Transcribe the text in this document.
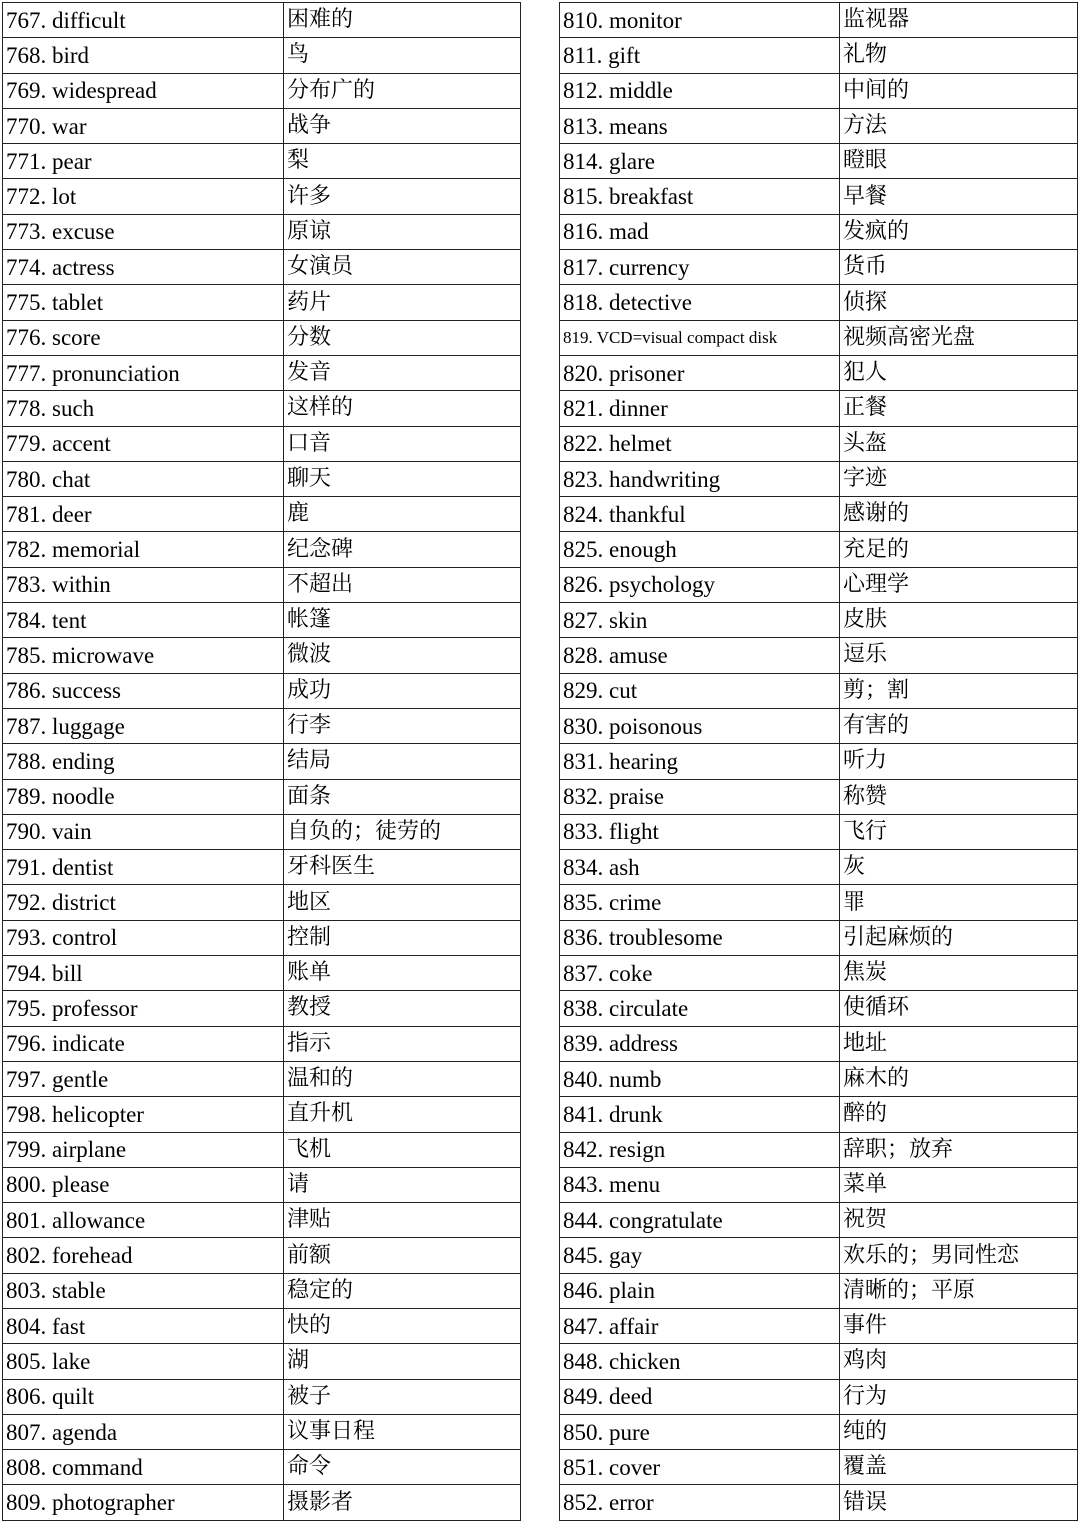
767. difficult	困难的
768. bird	鸟
769. widespread	分布广的
770. war	战争
771. pear	梨
772. lot	许多
773. excuse	原谅
774. actress	女演员
775. tablet	药片
776. score	分数
777. pronunciation	发音
778. such	这样的
779. accent	口音
780. chat	聊天
781. deer	鹿
782. memorial	纪念碑
783. within	不超出
784. tent	帐篷
785. microwave	微波
786. success	成功
787. luggage	行李
788. ending	结局
789. noodle	面条
790. vain	自负的；徒劳的
791. dentist	牙科医生
792. district	地区
793. control	控制
794. bill	账单
795. professor	教授
796. indicate	指示
797. gentle	温和的
798. helicopter	直升机
799. airplane	飞机
800. please	请
801. allowance	津贴
802. forehead	前额
803. stable	稳定的
804. fast	快的
805. lake	湖
806. quilt	被子
807. agenda	议事日程
808. command	命令
809. photographer	摄影者
810. monitor	监视器
811. gift	礼物
812. middle	中间的
813. means	方法
814. glare	瞪眼
815. breakfast	早餐
816. mad	发疯的
817. currency	货币
818. detective	侦探
819. VCD=visual compact disk	视频高密光盘
820. prisoner	犯人
821. dinner	正餐
822. helmet	头盔
823. handwriting	字迹
824. thankful	感谢的
825. enough	充足的
826. psychology	心理学
827. skin	皮肤
828. amuse	逗乐
829. cut	剪；割
830. poisonous	有害的
831. hearing	听力
832. praise	称赞
833. flight	飞行
834. ash	灰
835. crime	罪
836. troublesome	引起麻烦的
837. coke	焦炭
838. circulate	使循环
839. address	地址
840. numb	麻木的
841. drunk	醉的
842. resign	辞职；放弃
843. menu	菜单
844. congratulate	祝贺
845. gay	欢乐的；男同性恋
846. plain	清晰的；平原
847. affair	事件
848. chicken	鸡肉
849. deed	行为
850. pure	纯的
851. cover	覆盖
852. error	错误
